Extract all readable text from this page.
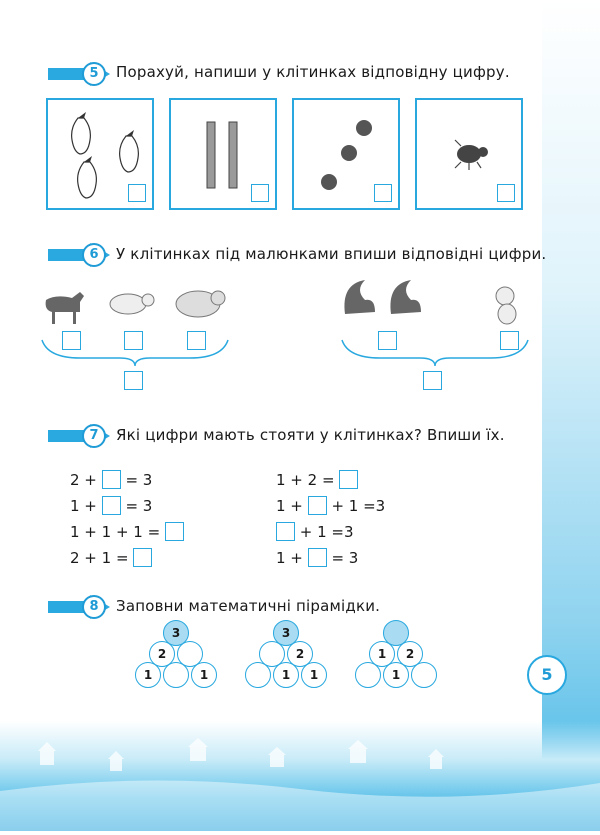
5	Порахуй, напиши у клітинках відповідну цифру.
6	У клітинках під малюнками впиши відповідні цифри.
7	Які цифри мають стояти у клітинках? Впиши їх.
2 + = 3
1 + = 3
1 + 1 + 1 =
2 + 1 =
1 + 2 =
1 + + 1 =3
+ 1 =3
1 + = 3
8	Заповни математичні пірамідки.
3
2
1	1
3
2
1	1
1	2
1	5
